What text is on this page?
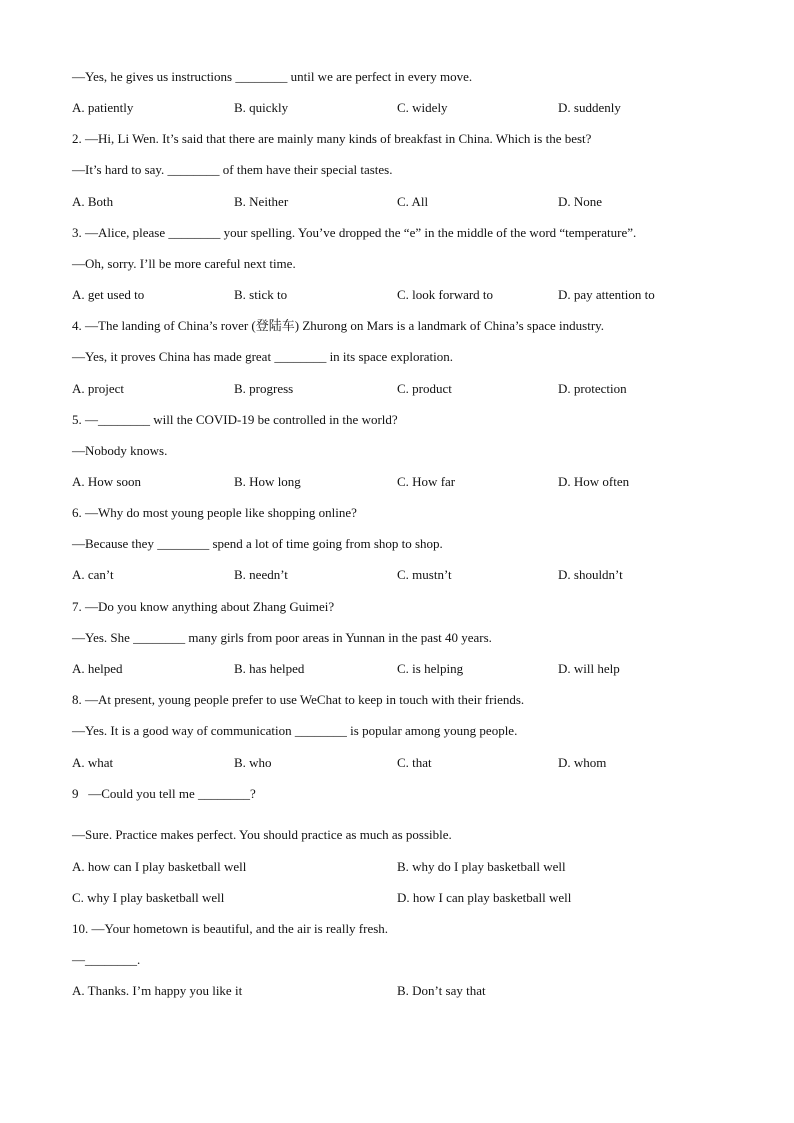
—Yes, he gives us instructions ________ until we are perfect in every move.
A. patiently	B. quickly	C. widely	D. suddenly
2. —Hi, Li Wen. It’s said that there are mainly many kinds of breakfast in China. Which is the best?
—It’s hard to say. ________ of them have their special tastes.
A. Both	B. Neither	C. All	D. None
3. —Alice, please ________ your spelling. You’ve dropped the “e” in the middle of the word “temperature”.
—Oh, sorry. I’ll be more careful next time.
A. get used to	B. stick to	C. look forward to	D. pay attention to
4. —The landing of China’s rover (登陆车) Zhurong on Mars is a landmark of China’s space industry.
—Yes, it proves China has made great ________ in its space exploration.
A. project	B. progress	C. product	D. protection
5. —________ will the COVID-19 be controlled in the world?
—Nobody knows.
A. How soon	B. How long	C. How far	D. How often
6. —Why do most young people like shopping online?
—Because they ________ spend a lot of time going from shop to shop.
A. can’t	B. needn’t	C. mustn’t	D. shouldn’t
7. —Do you know anything about Zhang Guimei?
—Yes. She ________ many girls from poor areas in Yunnan in the past 40 years.
A. helped	B. has helped	C. is helping	D. will help
8. —At present, young people prefer to use WeChat to keep in touch with their friends.
—Yes. It is a good way of communication ________ is popular among young people.
A. what	B. who	C. that	D. whom
9   —Could you tell me ________?
—Sure. Practice makes perfect. You should practice as much as possible.
A. how can I play basketball well	B. why do I play basketball well
C. why I play basketball well	D. how I can play basketball well
10. —Your hometown is beautiful, and the air is really fresh.
—________.
A. Thanks. I’m happy you like it	B. Don’t say that
